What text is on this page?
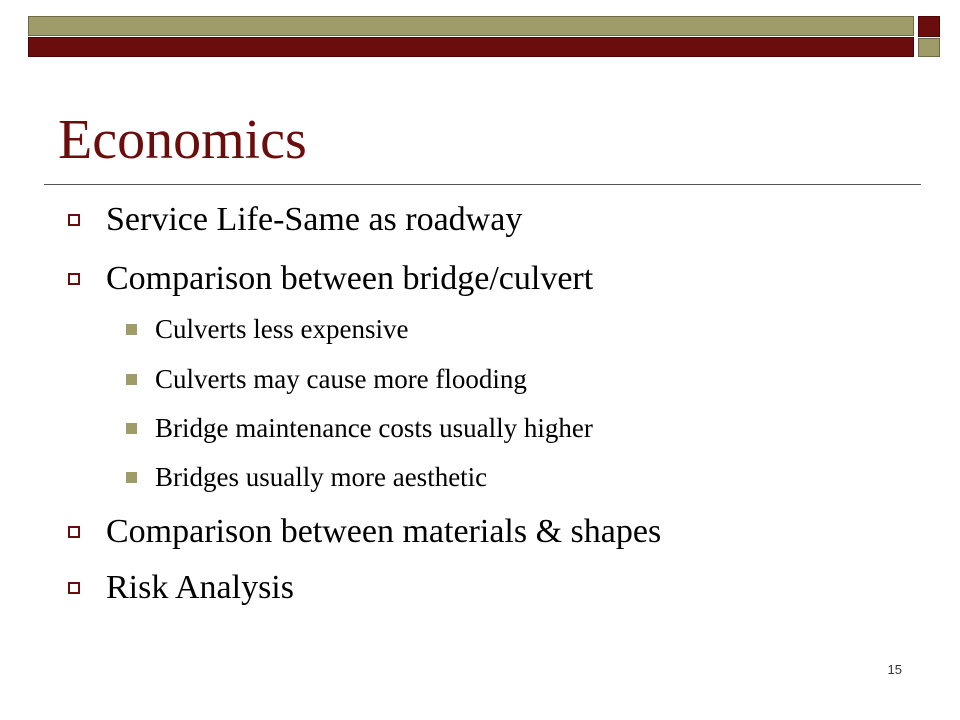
Economics
Service Life-Same as roadway
Comparison between bridge/culvert
Culverts less expensive
Culverts may cause more flooding
Bridge maintenance costs usually higher
Bridges usually more aesthetic
Comparison between materials & shapes
Risk Analysis
15
